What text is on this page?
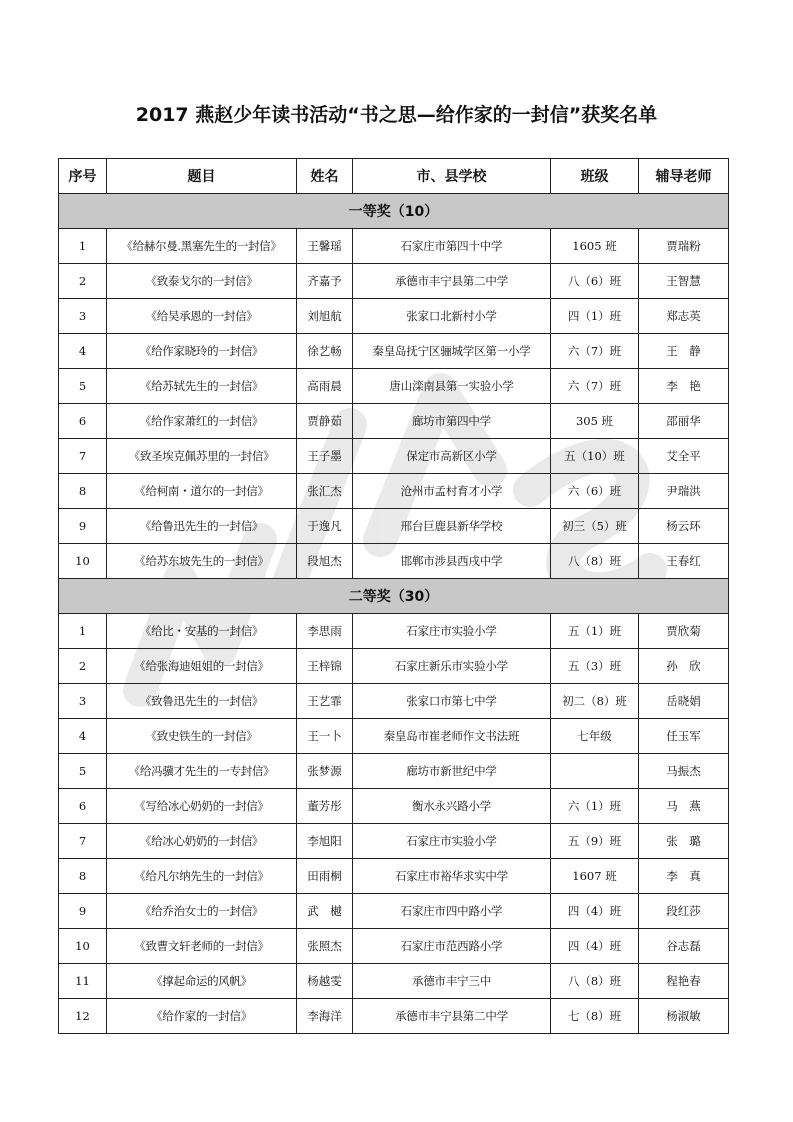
2017 燕赵少年读书活动“书之思—给作家的一封信”获奖名单
序号	题目	姓名	市、县学校	班级	辅导老师
一等奖（10）					
1	《给赫尔曼.黑塞先生的一封信》	王馨瑶	石家庄市第四十中学	1605 班	贾瑞粉
2	《致泰戈尔的一封信》	齐嘉予	承德市丰宁县第二中学	八（6）班	王智慧
3	《给吴承恩的一封信》	刘旭航	张家口北新村小学	四（1）班	郑志英
4	《给作家晓玲的一封信》	徐艺畅	秦皇岛抚宁区骊城学区第一小学	六（7）班	王　静
5	《给苏轼先生的一封信》	高雨晨	唐山滦南县第一实验小学	六（7）班	李　艳
6	《给作家萧红的一封信》	贾静茹	廊坊市第四中学	305 班	邵丽华
7	《致圣埃克佩苏里的一封信》	王子墨	保定市高新区小学	五（10）班	艾全平
8	《给柯南・道尔的一封信》	张汇杰	沧州市孟村育才小学	六（6）班	尹瑞洪
9	《给鲁迅先生的一封信》	于逸凡	邢台巨鹿县新华学校	初三（5）班	杨云环
10	《给苏东坡先生的一封信》	段旭杰	邯郸市涉县西戌中学	八（8）班	王春红
二等奖（30）					
1	《给比・安基的一封信》	李思雨	石家庄市实验小学	五（1）班	贾欣菊
2	《给张海迪姐姐的一封信》	王梓锦	石家庄新乐市实验小学	五（3）班	孙　欣
3	《致鲁迅先生的一封信》	王艺霏	张家口市第七中学	初二（8）班	岳晓娟
4	《致史铁生的一封信》	王一卜	秦皇岛市崔老师作文书法班	七年级	任玉军
5	《给冯骥才先生的一专封信》	张梦源	廊坊市新世纪中学		马振杰
6	《写给冰心奶奶的一封信》	董芳彤	衡水永兴路小学	六（1）班	马　燕
7	《给冰心奶奶的一封信》	李旭阳	石家庄市实验小学	五（9）班	张　璐
8	《给凡尔纳先生的一封信》	田雨桐	石家庄市裕华求实中学	1607 班	李　真
9	《给乔治女士的一封信》	武　樾	石家庄市四中路小学	四（4）班	段红莎
10	《致曹文轩老师的一封信》	张照杰	石家庄市范西路小学	四（4）班	谷志磊
11	《撑起命运的风帆》	杨越雯	承德市丰宁三中	八（8）班	程艳春
12	《给作家的一封信》	李海洋	承德市丰宁县第二中学	七（8）班	杨淑敏
